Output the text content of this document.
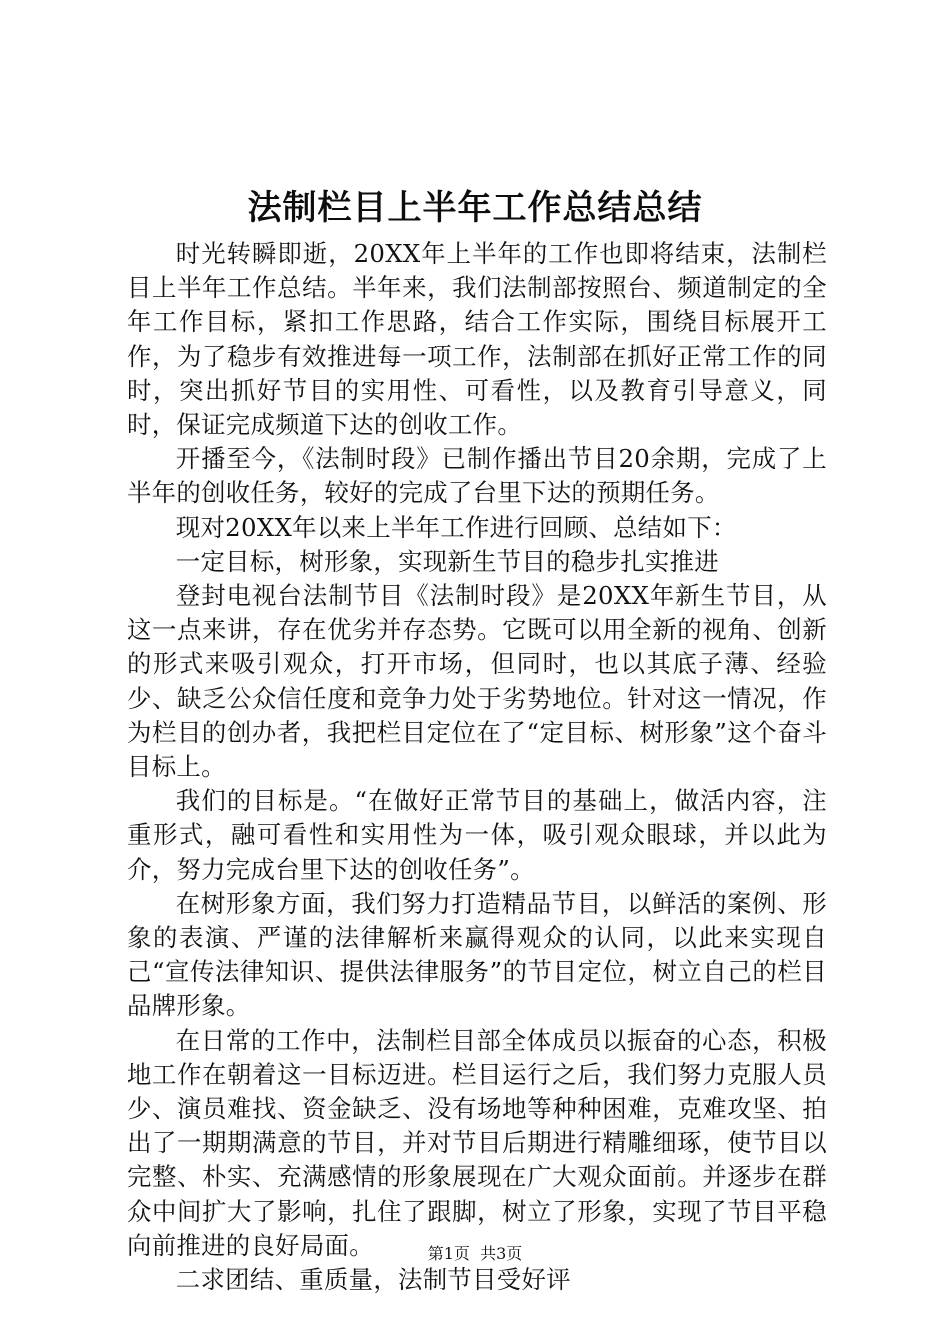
法制栏目上半年工作总结总结

时光转瞬即逝，20XX年上半年的工作也即将结束，法制栏目上半年工作总结。半年来，我们法制部按照台、频道制定的全年工作目标，紧扣工作思路，结合工作实际，围绕目标展开工作，为了稳步有效推进每一项工作，法制部在抓好正常工作的同时，突出抓好节目的实用性、可看性，以及教育引导意义，同时，保证完成频道下达的创收工作。

开播至今，《法制时段》已制作播出节目20余期，完成了上半年的创收任务，较好的完成了台里下达的预期任务。

现对20XX年以来上半年工作进行回顾、总结如下：

一定目标，树形象，实现新生节目的稳步扎实推进

登封电视台法制节目《法制时段》是20XX年新生节目，从这一点来讲，存在优劣并存态势。它既可以用全新的视角、创新的形式来吸引观众，打开市场，但同时，也以其底子薄、经验少、缺乏公众信任度和竞争力处于劣势地位。针对这一情况，作为栏目的创办者，我把栏目定位在了“定目标、树形象”这个奋斗目标上。

我们的目标是。“在做好正常节目的基础上，做活内容，注重形式，融可看性和实用性为一体，吸引观众眼球，并以此为介，努力完成台里下达的创收任务”。

在树形象方面，我们努力打造精品节目，以鲜活的案例、形象的表演、严谨的法律解析来赢得观众的认同，以此来实现自己“宣传法律知识、提供法律服务”的节目定位，树立自己的栏目品牌形象。

在日常的工作中，法制栏目部全体成员以振奋的心态，积极地工作在朝着这一目标迈进。栏目运行之后，我们努力克服人员少、演员难找、资金缺乏、没有场地等种种困难，克难攻坚、拍出了一期期满意的节目，并对节目后期进行精雕细琢，使节目以完整、朴实、充满感情的形象展现在广大观众面前。并逐步在群众中间扩大了影响，扎住了跟脚，树立了形象，实现了节目平稳向前推进的良好局面。

二求团结、重质量，法制节目受好评

第1页  共3页
